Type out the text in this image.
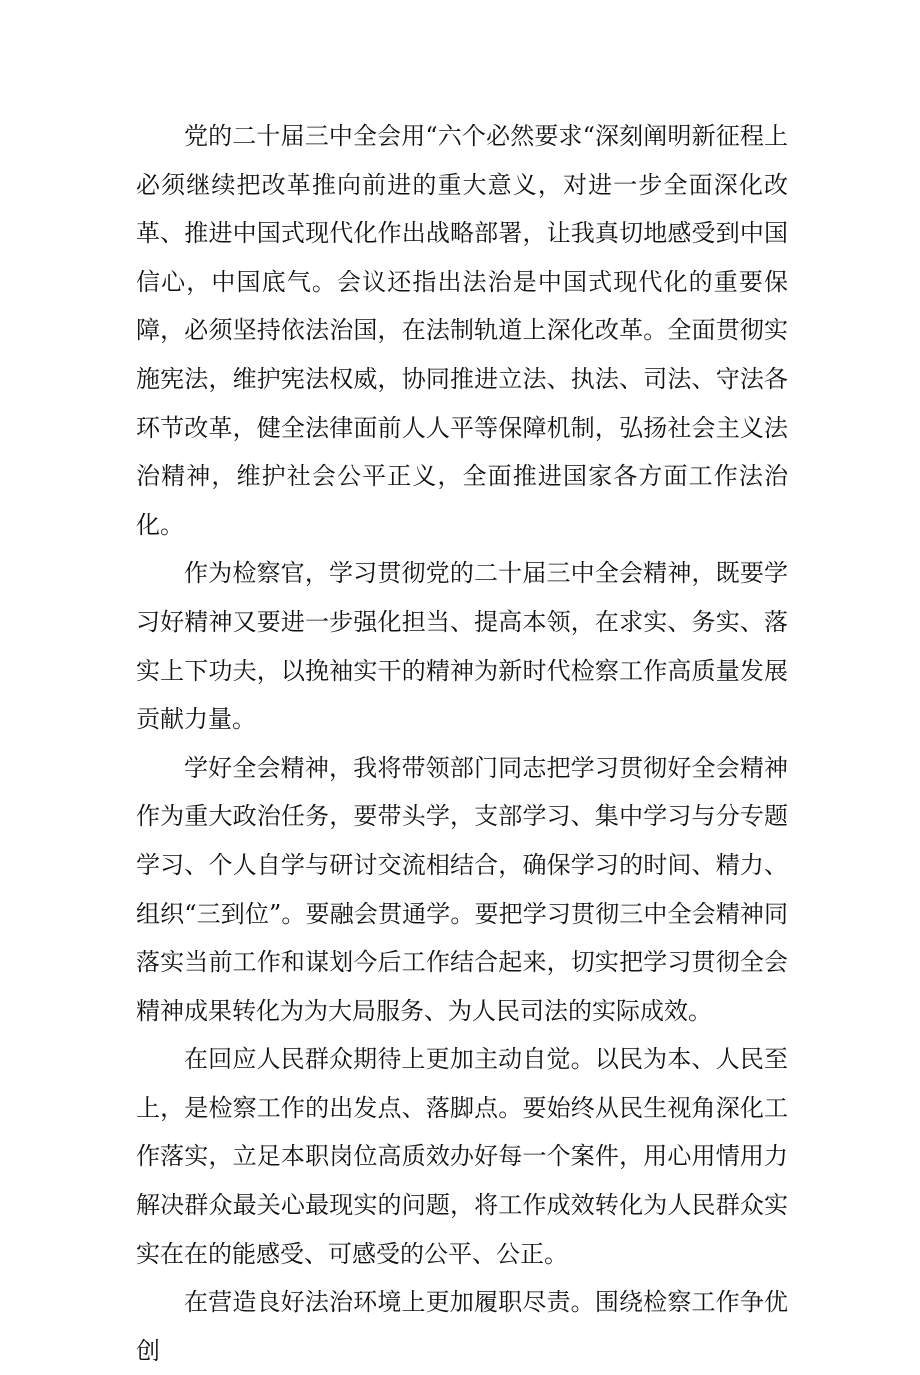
党的二十届三中全会用“六个必然要求“深刻阐明新征程上必须继续把改革推向前进的重大意义，对进一步全面深化改革、推进中国式现代化作出战略部署，让我真切地感受到中国信心，中国底气。会议还指出法治是中国式现代化的重要保障，必须坚持依法治国，在法制轨道上深化改革。全面贯彻实施宪法，维护宪法权威，协同推进立法、执法、司法、守法各环节改革，健全法律面前人人平等保障机制，弘扬社会主义法治精神，维护社会公平正义，全面推进国家各方面工作法治化。

作为检察官，学习贯彻党的二十届三中全会精神，既要学习好精神又要进一步强化担当、提高本领，在求实、务实、落实上下功夫，以挽袖实干的精神为新时代检察工作高质量发展贡献力量。

学好全会精神，我将带领部门同志把学习贯彻好全会精神作为重大政治任务，要带头学，支部学习、集中学习与分专题学习、个人自学与研讨交流相结合，确保学习的时间、精力、组织“三到位”。要融会贯通学。要把学习贯彻三中全会精神同落实当前工作和谋划今后工作结合起来，切实把学习贯彻全会精神成果转化为为大局服务、为人民司法的实际成效。

在回应人民群众期待上更加主动自觉。以民为本、人民至上，是检察工作的出发点、落脚点。要始终从民生视角深化工作落实，立足本职岗位高质效办好每一个案件，用心用情用力解决群众最关心最现实的问题，将工作成效转化为人民群众实实在在的能感受、可感受的公平、公正。

在营造良好法治环境上更加履职尽责。围绕检察工作争优创
